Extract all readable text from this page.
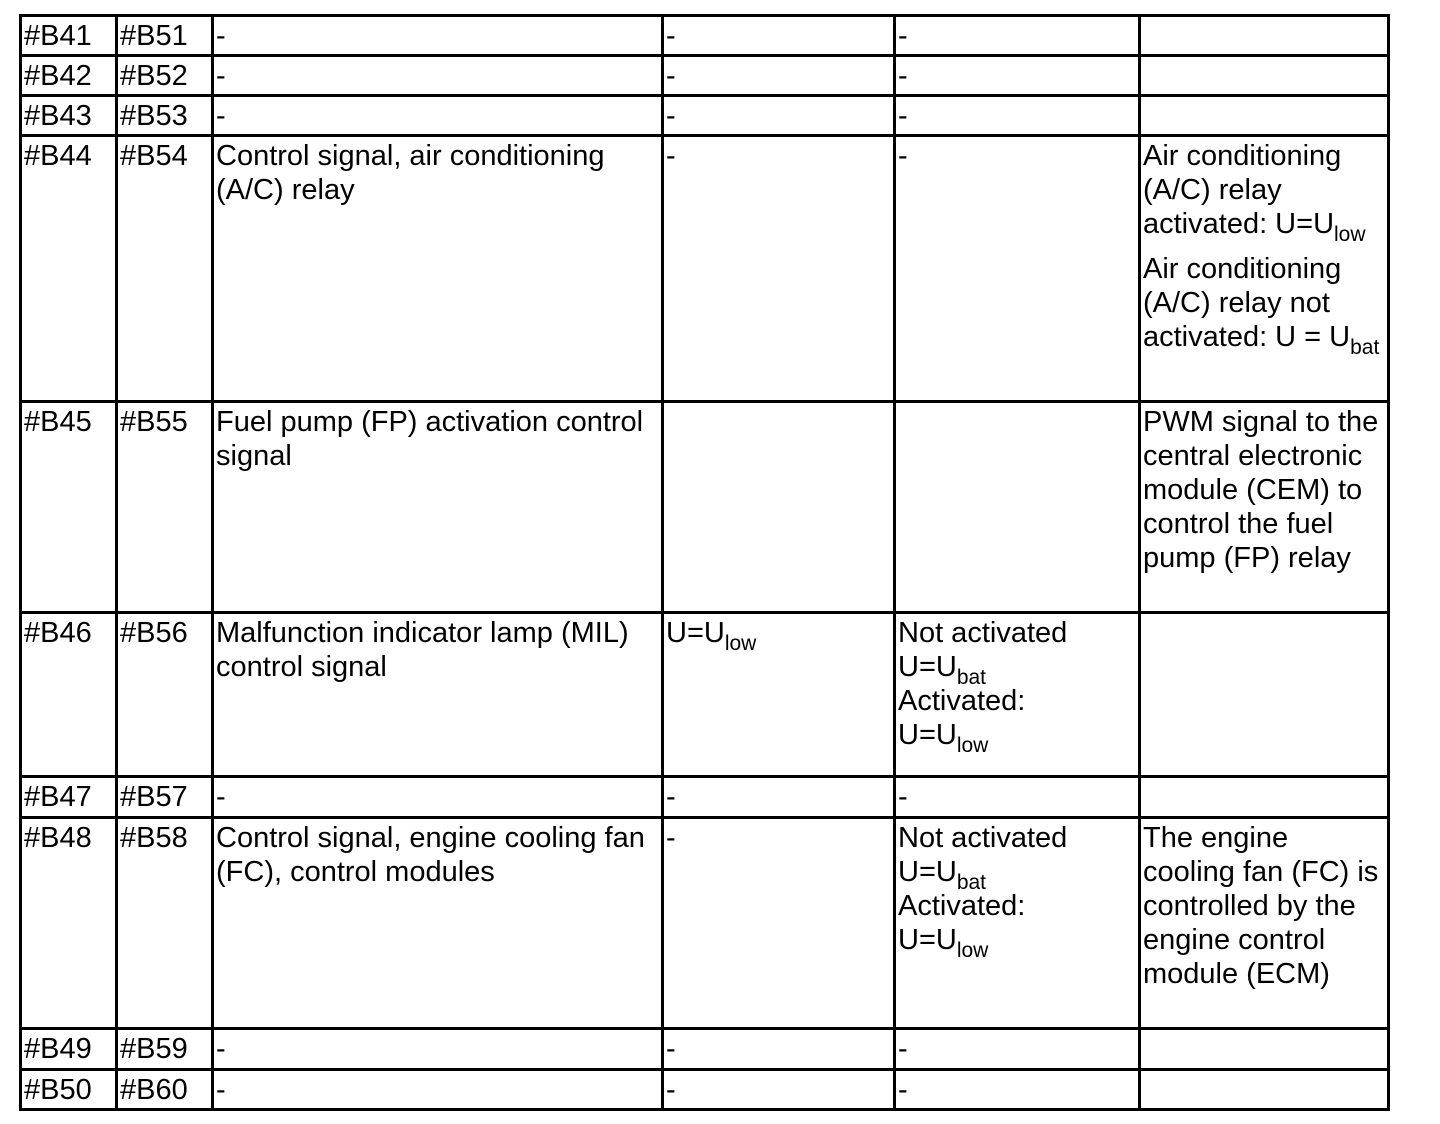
#B41	#B51	-	-	-	
#B42	#B52	-	-	-	
#B43	#B53	-	-	-	
#B44	#B54	Control signal, air conditioning (A/C) relay	-	-	Air conditioning (A/C) relay activated: $U=U_{low}$
Air conditioning (A/C) relay not activated: $U = U_{bat}$

#B45	#B55	Fuel pump (FP) activation control signal			PWM signal to the central electronic module (CEM) to control the fuel pump (FP) relay
#B46	#B56	Malfunction indicator lamp (MIL) control signal	$U=U_{low}$	Not activated
$U=U_{bat}$
Activated:
$U=U_{low}$

#B47	#B57	-	-	-	
#B48	#B58	Control signal, engine cooling fan (FC), control modules	-	Not activated
$U=U_{bat}$
Activated:
$U=U_{low}$	The engine cooling fan (FC) is controlled by the engine control module (ECM)
#B49	#B59	-	-	-	
#B50	#B60	-	-	-	
